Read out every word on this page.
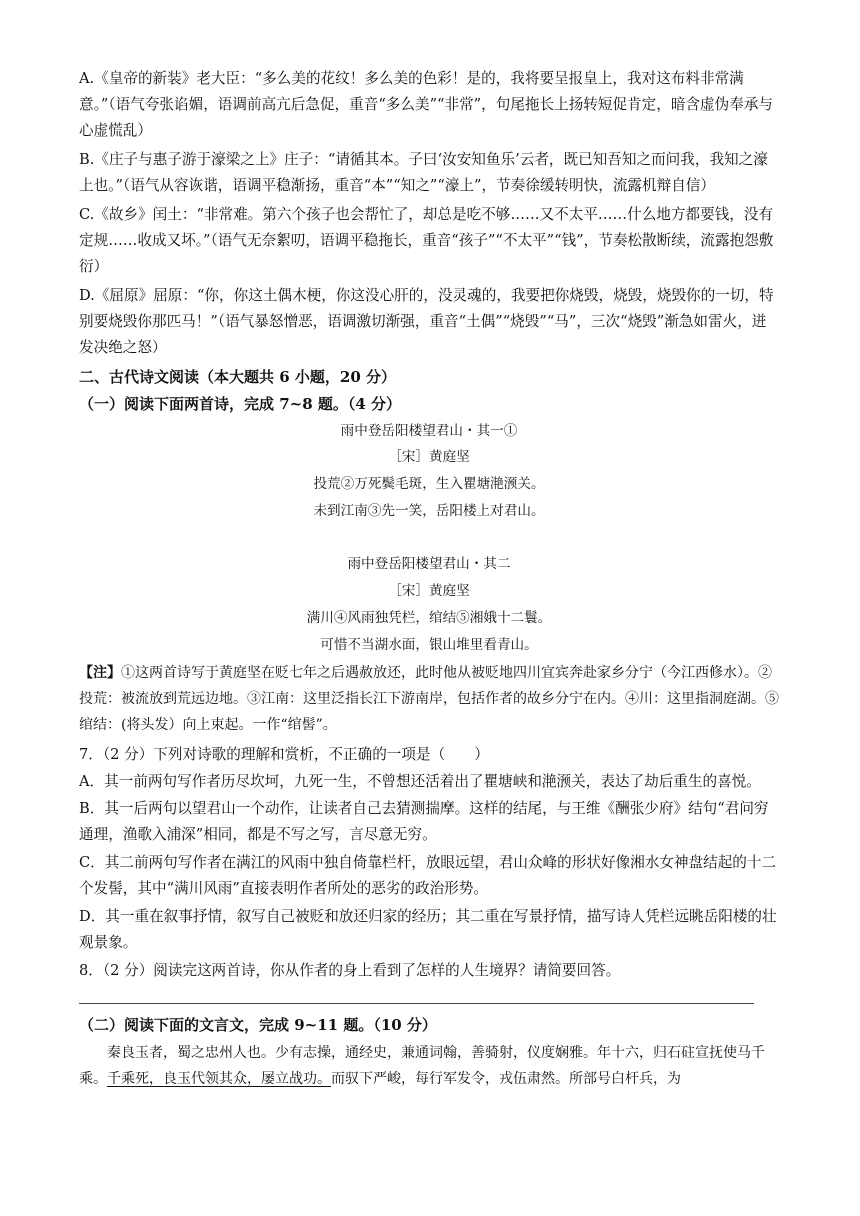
A.《皇帝的新装》老大臣：“多么美的花纹！多么美的色彩！是的，我将要呈报皇上，我对这布料非常满意。”（语气夸张谄媚，语调前高亢后急促，重音“多么美”“非常”，句尾拖长上扬转短促肯定，暗含虚伪奉承与心虚慌乱）

B.《庄子与惠子游于濠梁之上》庄子：“请循其本。子曰‘汝安知鱼乐’云者，既已知吾知之而问我，我知之濠上也。”（语气从容诙谐，语调平稳渐扬，重音“本”“知之”“濠上”，节奏徐缓转明快，流露机辩自信）

C.《故乡》闰土：“非常难。第六个孩子也会帮忙了，却总是吃不够……又不太平……什么地方都要钱，没有定规……收成又坏。”（语气无奈絮叨，语调平稳拖长，重音“孩子”“不太平”“钱”，节奏松散断续，流露抱怨敷衍）

D.《屈原》屈原：“你，你这土偶木梗，你这没心肝的，没灵魂的，我要把你烧毁，烧毁，烧毁你的一切，特别要烧毁你那匹马！”（语气暴怒憎恶，语调激切渐强，重音“土偶”“烧毁”“马”，三次“烧毁”渐急如雷火，迸发决绝之怒）

二、古代诗文阅读（本大题共 6 小题，20 分）

（一）阅读下面两首诗，完成 7~8 题。（4 分）

雨中登岳阳楼望君山・其一①
［宋］黄庭坚
投荒②万死鬓毛斑，生入瞿塘滟滪关。
未到江南③先一笑，岳阳楼上对君山。
雨中登岳阳楼望君山・其二
［宋］黄庭坚
满川④风雨独凭栏，绾结⑤湘娥十二鬟。
可惜不当湖水面，银山堆里看青山。

【注】①这两首诗写于黄庭坚在贬七年之后遇赦放还，此时他从被贬地四川宜宾奔赴家乡分宁（今江西修水）。②投荒：被流放到荒远边地。③江南：这里泛指长江下游南岸，包括作者的故乡分宁在内。④川：这里指洞庭湖。⑤绾结：(将头发）向上束起。一作“绾髻”。

7．（2 分）下列对诗歌的理解和赏析，不正确的一项是（　　）

A．其一前两句写作者历尽坎坷，九死一生，不曾想还活着出了瞿塘峡和滟滪关，表达了劫后重生的喜悦。

B．其一后两句以望君山一个动作，让读者自己去猜测揣摩。这样的结尾，与王维《酬张少府》结句“君问穷通理，渔歌入浦深”相同，都是不写之写，言尽意无穷。

C．其二前两句写作者在满江的风雨中独自倚靠栏杆，放眼远望，君山众峰的形状好像湘水女神盘结起的十二个发髻，其中“满川风雨”直接表明作者所处的恶劣的政治形势。

D．其一重在叙事抒情，叙写自己被贬和放还归家的经历；其二重在写景抒情，描写诗人凭栏远眺岳阳楼的壮观景象。

8．（2 分）阅读完这两首诗，你从作者的身上看到了怎样的人生境界？请简要回答。

（二）阅读下面的文言文，完成 9~11 题。（10 分）

秦良玉者，蜀之忠州人也。少有志操，通经史，兼通词翰，善骑射，仪度娴雅。年十六，归石砫宣抚使马千乘。千乘死，良玉代领其众，屡立战功。而驭下严峻，每行军发令，戎伍肃然。所部号白杆兵，为
